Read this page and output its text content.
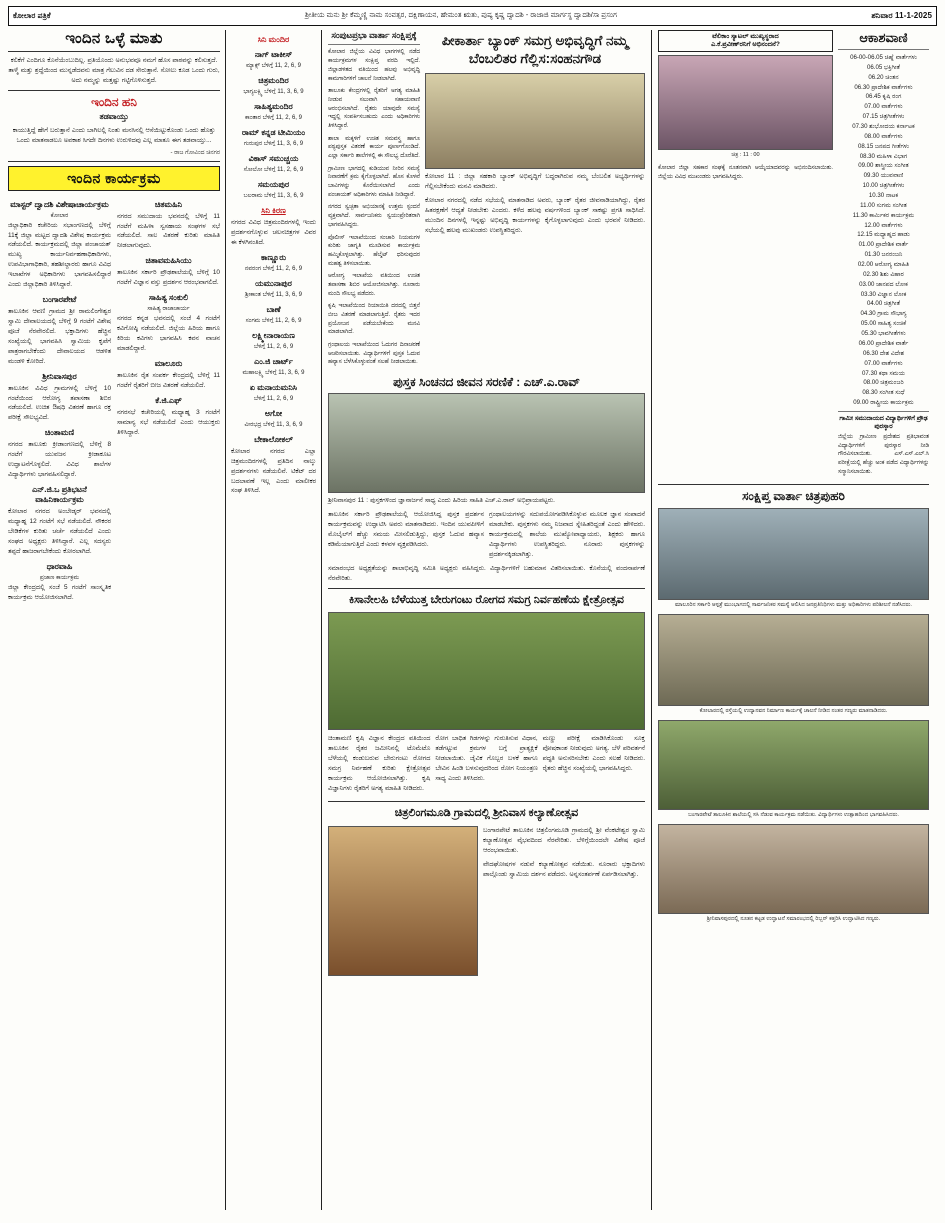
ಕೋಲಾರ ಪತ್ರಿಕೆ	ಶ್ರೀತೀಯ ಮನು ಶ್ರೀ ಕೆಮ್ಮಣ್ಣಿ ನಾಮ ಸಂವತ್ಸರ, ದಕ್ಷಿಣಾಯನ, ಹೇಮಂತ ಋತು, ಪುಷ್ಯ ಕೃಷ್ಣ ದ್ವಾದಶಿ - ರಾಜಾಜಿ ಮಾರ್ಗಸ್ಥ ದ್ವಾದಶಿ/ಸಾ ಪ್ರಸಂಗ	ಶನಿವಾರ 11-1-2025
ಇಂದಿನ ಒಳ್ಳೆ ಮಾತು

ಕಲಿಕೆಗೆ ಎಂದಿಗೂ ಕೊನೆಯೆಂಬುದಿಲ್ಲ. ಪ್ರತಿಯೊಂದು ಅನುಭವವೂ ನಮಗೆ ಹೊಸ ಪಾಠವನ್ನು ಕಲಿಸುತ್ತದೆ. ತಾಳ್ಮೆ ಮತ್ತು ಶ್ರದ್ಧೆಯಿಂದ ಮುನ್ನಡೆದವನು ಮಾತ್ರ ಗೆಲುವಿನ ದಡ ಸೇರುತ್ತಾನೆ. ಸೋಲು ಕೂಡ ಒಂದು ಗುರು, ಅದು ನಮ್ಮನ್ನು ಮತ್ತಷ್ಟು ಗಟ್ಟಿಗೊಳಿಸುತ್ತದೆ.

ಇಂದಿನ ಹನಿ
ತಡವಾಯ್ತು

ಕಾಯುತ್ತಿದ್ದೆ ಹೇಗೆ ಬರುತ್ತಾನೆ ಎಂದು ಬಾಗಿಲಲ್ಲಿ ನಿಂತು ಮನಸಿನಲ್ಲಿ ಆಸೆಯಿಟ್ಟುಕೊಂಡು ಒಂದು ಹೊತ್ತು ಒಂದು ಮಾತನಾಡಲೂ ಅವಕಾಶ ಸಿಗದೇ ದಿನಗಳು ಉರುಳಿದವು ಎಲ್ಲ ಮಾತೂ ಈಗ ತಡವಾಯ್ತು...

- ರಾಜ ಗೋವಿಂದ ಚಿನಗರ
ಇಂದಿನ ಕಾರ್ಯಕ್ರಮ
ಮಾಸ್ಟರ್ ದ್ವಾದಶಿ ವಿಶೇಷಾಚಾರ್ಯಕ್ರಮ
ಕೋಲಾರ

ಜಿಲ್ಲಾಧಿಕಾರಿ ಕಚೇರಿಯ ಸಭಾಂಗಣದಲ್ಲಿ ಬೆಳಿಗ್ಗೆ 11ಕ್ಕೆ ಜಿಲ್ಲಾ ಮಟ್ಟದ ದ್ವಾದಶಿ ವಿಶೇಷ ಕಾರ್ಯಕ್ರಮ ನಡೆಯಲಿದೆ. ಕಾರ್ಯಕ್ರಮದಲ್ಲಿ ಜಿಲ್ಲಾ ಪಂಚಾಯತ್ ಮುಖ್ಯ ಕಾರ್ಯನಿರ್ವಹಣಾಧಿಕಾರಿಗಳು, ಉಪವಿಭಾಗಾಧಿಕಾರಿ, ತಹಶೀಲ್ದಾರರು ಹಾಗೂ ವಿವಿಧ ಇಲಾಖೆಗಳ ಅಧಿಕಾರಿಗಳು ಭಾಗವಹಿಸಲಿದ್ದಾರೆ ಎಂದು ಜಿಲ್ಲಾಧಿಕಾರಿ ತಿಳಿಸಿದ್ದಾರೆ.

ಬಂಗಾರಪೇಟೆ

ತಾಲೂಕಿನ ಆವಣಿ ಗ್ರಾಮದ ಶ್ರೀ ರಾಮಲಿಂಗೇಶ್ವರ ಸ್ವಾಮಿ ದೇವಾಲಯದಲ್ಲಿ ಬೆಳಿಗ್ಗೆ 9 ಗಂಟೆಗೆ ವಿಶೇಷ ಪೂಜೆ ನೆರವೇರಲಿದೆ. ಭಕ್ತಾದಿಗಳು ಹೆಚ್ಚಿನ ಸಂಖ್ಯೆಯಲ್ಲಿ ಭಾಗವಹಿಸಿ ಸ್ವಾಮಿಯ ಕೃಪೆಗೆ ಪಾತ್ರರಾಗಬೇಕೆಂದು ದೇವಾಲಯದ ಆಡಳಿತ ಮಂಡಳಿ ಕೋರಿದೆ.

ಶ್ರೀನಿವಾಸಪುರ

ತಾಲೂಕಿನ ವಿವಿಧ ಗ್ರಾಮಗಳಲ್ಲಿ ಬೆಳಿಗ್ಗೆ 10 ಗಂಟೆಯಿಂದ ಆರೋಗ್ಯ ತಪಾಸಣಾ ಶಿಬಿರ ನಡೆಯಲಿದೆ. ಉಚಿತ ಔಷಧಿ ವಿತರಣೆ ಹಾಗೂ ರಕ್ತ ಪರೀಕ್ಷೆ ಸೌಲಭ್ಯವಿದೆ.

ಚಿಂತಾಮಣಿ

ನಗರದ ತಾಲೂಕು ಕ್ರೀಡಾಂಗಣದಲ್ಲಿ ಬೆಳಿಗ್ಗೆ 8 ಗಂಟೆಗೆ ಯುವಜನ ಕ್ರೀಡಾಕೂಟ ಉದ್ಘಾಟನೆಗೊಳ್ಳಲಿದೆ. ವಿವಿಧ ಶಾಲೆಗಳ ವಿದ್ಯಾರ್ಥಿಗಳು ಭಾಗವಹಿಸಲಿದ್ದಾರೆ.

ಎನ್.ಜಿ.ಒ ಪ್ರತಿಭಟನೆ ವಾಹಿನಿಕಾರ್ಯಕ್ರಮ

ಕೋಲಾರ ನಗರದ ಅಂಬೇಡ್ಕರ್ ಭವನದಲ್ಲಿ ಮಧ್ಯಾಹ್ನ 12 ಗಂಟೆಗೆ ಸಭೆ ನಡೆಯಲಿದೆ. ನೌಕರರ ಬೇಡಿಕೆಗಳ ಕುರಿತು ಚರ್ಚೆ ನಡೆಯಲಿದೆ ಎಂದು ಸಂಘದ ಅಧ್ಯಕ್ಷರು ತಿಳಿಸಿದ್ದಾರೆ. ಎಲ್ಲ ಸದಸ್ಯರು ತಪ್ಪದೆ ಹಾಜರಾಗಬೇಕೆಂದು ಕೋರಲಾಗಿದೆ.

ಧಾರವಾಹಿ
ಪ್ರಜಾಣ ಕಾರ್ಯಕ್ರಮ

ಜಿಲ್ಲಾ ಕೇಂದ್ರದಲ್ಲಿ ಸಂಜೆ 5 ಗಂಟೆಗೆ ಸಾಂಸ್ಕೃತಿಕ ಕಾರ್ಯಕ್ರಮ ಆಯೋಜಿಸಲಾಗಿದೆ.

ಚಿತಮಹಿನಿ

ನಗರದ ಸಮುದಾಯ ಭವನದಲ್ಲಿ ಬೆಳಿಗ್ಗೆ 11 ಗಂಟೆಗೆ ಮಹಿಳಾ ಸ್ವಸಹಾಯ ಸಂಘಗಳ ಸಭೆ ನಡೆಯಲಿದೆ. ಸಾಲ ವಿತರಣೆ ಕುರಿತು ಮಾಹಿತಿ ನೀಡಲಾಗುವುದು.

ಚಿತಾವಮಹಿಸಿಯು

ತಾಲೂಕಿನ ಸರ್ಕಾರಿ ಪ್ರೌಢಶಾಲೆಯಲ್ಲಿ ಬೆಳಿಗ್ಗೆ 10 ಗಂಟೆಗೆ ವಿಜ್ಞಾನ ವಸ್ತು ಪ್ರದರ್ಶನ ಆರಂಭವಾಗಲಿದೆ.

ಸಾಹಿತ್ಯ ಸಂಕುಲಿ
ಸಾಹಿತ್ಯ ರಾಜಾಚಾರ್ಯ

ನಗರದ ಕನ್ನಡ ಭವನದಲ್ಲಿ ಸಂಜೆ 4 ಗಂಟೆಗೆ ಕವಿಗೋಷ್ಠಿ ನಡೆಯಲಿದೆ. ಜಿಲ್ಲೆಯ ಹಿರಿಯ ಹಾಗೂ ಕಿರಿಯ ಕವಿಗಳು ಭಾಗವಹಿಸಿ ಕವನ ವಾಚನ ಮಾಡಲಿದ್ದಾರೆ.

ಮಾಲೂರು

ತಾಲೂಕಿನ ರೈತ ಸಂಪರ್ಕ ಕೇಂದ್ರದಲ್ಲಿ ಬೆಳಿಗ್ಗೆ 11 ಗಂಟೆಗೆ ರೈತರಿಗೆ ಬೀಜ ವಿತರಣೆ ನಡೆಯಲಿದೆ.

ಕೆ.ಜಿ.ಎಫ್

ನಗರಸಭೆ ಕಚೇರಿಯಲ್ಲಿ ಮಧ್ಯಾಹ್ನ 3 ಗಂಟೆಗೆ ಸಾಮಾನ್ಯ ಸಭೆ ನಡೆಯಲಿದೆ ಎಂದು ಆಯುಕ್ತರು ತಿಳಿಸಿದ್ದಾರೆ.

ಸಿನಿ ಮಂದಿರ
ನಾಗ್ ಟಾಕೀಸ್
ಮ್ಯಾಕ್ಸ್ ಬೆಳಿಗ್ಗೆ 11, 2, 6, 9
ಚಿತ್ರಮಂದಿರ
ಭಾಗ್ಯಲಕ್ಷ್ಮಿ ಬೆಳಿಗ್ಗೆ 11, 3, 6, 9
ಸಾಹಿತ್ಯಮಂದಿರ
ಕಾಂತಾರ ಬೆಳಿಗ್ಗೆ 11, 2, 6, 9
ರಾಮ್ ಕನ್ನಡ ಟೀಮಿಯಂ
ಗುರುಪುರ ಬೆಳಿಗ್ಗೆ 11, 3, 6, 9
ವಿಕಾಸ್ ಸಮುಚ್ಚಯ
ಸೋಲೋ ಬೆಳಿಗ್ಗೆ 11, 2, 6, 9
ಸಮಯಪುರ
ಬಲರಾಮ ಬೆಳಿಗ್ಗೆ 11, 3, 6, 9
ಸಿನಿ ಕಿರಣ

ನಗರದ ವಿವಿಧ ಚಿತ್ರಮಂದಿರಗಳಲ್ಲಿ ಇಂದು ಪ್ರದರ್ಶನಗೊಳ್ಳುವ ಚಲನಚಿತ್ರಗಳ ವಿವರ ಈ ಕೆಳಗಿನಂತಿದೆ.

ಕಾಣ್ಣೂರು
ನವರಂಗ ಬೆಳಿಗ್ಗೆ 11, 2, 6, 9
ಯಮುನಾಪುರ
ಶ್ರೀಕಾಂತ ಬೆಳಿಗ್ಗೆ 11, 3, 6, 9
ಬಾಣೆ
ಸಂಗಮ ಬೆಳಿಗ್ಗೆ 11, 2, 6, 9
ಲಕ್ಷ್ಮೀನಾರಾಯಣ
ಬೆಳಿಗ್ಗೆ 11, 2, 6, 9
ಎಂ.ಜಿ ಚಾರ್ಟ್
ಮಹಾಲಕ್ಷ್ಮಿ ಬೆಳಿಗ್ಗೆ 11, 3, 6, 9
ಏ ಮನಾಯಮನಿಸಿ
ಬೆಳಿಗ್ಗೆ 11, 2, 6, 9
ಅಗೋ
ವೀರಭದ್ರ ಬೆಳಿಗ್ಗೆ 11, 3, 6, 9
ಬೇಕಾಲೋಕಲ್

ಕೋಲಾರ ನಗರದ ಎಲ್ಲಾ ಚಿತ್ರಮಂದಿರಗಳಲ್ಲಿ ಪ್ರತಿದಿನ ನಾಲ್ಕು ಪ್ರದರ್ಶನಗಳು ನಡೆಯಲಿವೆ. ಟಿಕೆಟ್ ದರ ಬದಲಾವಣೆ ಇಲ್ಲ ಎಂದು ಮಾಲೀಕರ ಸಂಘ ತಿಳಿಸಿದೆ.

ಸಂಪುಟಪ್ರಭಾ ವಾರ್ತಾ ಸಂಕ್ಷಿಪ್ತಕ್ಕೆ

ಕೋಲಾರ ಜಿಲ್ಲೆಯ ವಿವಿಧ ಭಾಗಗಳಲ್ಲಿ ನಡೆದ ಕಾರ್ಯಕ್ರಮಗಳ ಸಂಕ್ಷಿಪ್ತ ವರದಿ ಇಲ್ಲಿದೆ. ಜಿಲ್ಲಾಡಳಿತದ ವತಿಯಿಂದ ಹಲವು ಅಭಿವೃದ್ಧಿ ಕಾಮಗಾರಿಗಳಿಗೆ ಚಾಲನೆ ನೀಡಲಾಗಿದೆ.

ತಾಲೂಕು ಕೇಂದ್ರಗಳಲ್ಲಿ ರೈತರಿಗೆ ಅಗತ್ಯ ಮಾಹಿತಿ ನೀಡುವ ಸಲುವಾಗಿ ಸಹಾಯವಾಣಿ ಆರಂಭಿಸಲಾಗಿದೆ. ರೈತರು ಯಾವುದೇ ಸಮಸ್ಯೆ ಇದ್ದಲ್ಲಿ ಸಂಪರ್ಕಿಸಬಹುದು ಎಂದು ಅಧಿಕಾರಿಗಳು ತಿಳಿಸಿದ್ದಾರೆ.

ಶಾಲಾ ಮಕ್ಕಳಿಗೆ ಉಚಿತ ಸಮವಸ್ತ್ರ ಹಾಗೂ ಪಠ್ಯಪುಸ್ತಕ ವಿತರಣೆ ಕಾರ್ಯ ಪೂರ್ಣಗೊಂಡಿದೆ. ಎಲ್ಲಾ ಸರ್ಕಾರಿ ಶಾಲೆಗಳಲ್ಲಿ ಈ ಸೌಲಭ್ಯ ದೊರೆತಿದೆ.

ಗ್ರಾಮೀಣ ಭಾಗದಲ್ಲಿ ಕುಡಿಯುವ ನೀರಿನ ಸಮಸ್ಯೆ ನಿವಾರಣೆಗೆ ಕ್ರಮ ಕೈಗೊಳ್ಳಲಾಗಿದೆ. ಹೊಸ ಕೊಳವೆ ಬಾವಿಗಳನ್ನು ಕೊರೆಯಿಸಲಾಗಿದೆ ಎಂದು ಪಂಚಾಯತ್ ಅಧಿಕಾರಿಗಳು ಮಾಹಿತಿ ನೀಡಿದ್ದಾರೆ.

ನಗರದ ಸ್ವಚ್ಛತಾ ಅಭಿಯಾನಕ್ಕೆ ಉತ್ತಮ ಸ್ಪಂದನೆ ವ್ಯಕ್ತವಾಗಿದೆ. ಸಾರ್ವಜನಿಕರು ಸ್ವಯಂಪ್ರೇರಿತರಾಗಿ ಭಾಗವಹಿಸಿದ್ದರು.

ಪೊಲೀಸ್ ಇಲಾಖೆಯಿಂದ ಸಂಚಾರಿ ನಿಯಮಗಳ ಕುರಿತು ಜಾಗೃತಿ ಮೂಡಿಸುವ ಕಾರ್ಯಕ್ರಮ ಹಮ್ಮಿಕೊಳ್ಳಲಾಗಿತ್ತು. ಹೆಲ್ಮೆಟ್ ಧರಿಸುವುದರ ಮಹತ್ವ ತಿಳಿಸಲಾಯಿತು.

ಆರೋಗ್ಯ ಇಲಾಖೆಯ ವತಿಯಿಂದ ಉಚಿತ ತಪಾಸಣಾ ಶಿಬಿರ ಆಯೋಜಿಸಲಾಗಿತ್ತು. ನೂರಾರು ಮಂದಿ ಸೌಲಭ್ಯ ಪಡೆದರು.

ಕೃಷಿ ಇಲಾಖೆಯಿಂದ ರಿಯಾಯಿತಿ ದರದಲ್ಲಿ ಬಿತ್ತನೆ ಬೀಜ ವಿತರಣೆ ಮಾಡಲಾಗುತ್ತಿದೆ. ರೈತರು ಇದರ ಪ್ರಯೋಜನ ಪಡೆಯಬೇಕೆಂದು ಮನವಿ ಮಾಡಲಾಗಿದೆ.

ಗ್ರಂಥಾಲಯ ಇಲಾಖೆಯಿಂದ ಓದುಗರ ದಿನಾಚರಣೆ ಆಚರಿಸಲಾಯಿತು. ವಿದ್ಯಾರ್ಥಿಗಳಿಗೆ ಪುಸ್ತಕ ಓದುವ ಹವ್ಯಾಸ ಬೆಳೆಸಿಕೊಳ್ಳುವಂತೆ ಸಲಹೆ ನೀಡಲಾಯಿತು.

ಪೀಕಾರ್ತಾ ಬ್ಯಾಂಕ್ ಸಮಗ್ರ ಅಭಿವೃದ್ಧಿಗೆ ನಮ್ಮ ಬೆಂಬಲಿತರ ಗೆಲ್ಲಿಸ:ಸಂಹನಗೌಡ

ಕೋಲಾರ 11 : ಜಿಲ್ಲಾ ಸಹಕಾರಿ ಬ್ಯಾಂಕ್ ಅಭಿವೃದ್ಧಿಗೆ ಬದ್ಧರಾಗಿರುವ ನಮ್ಮ ಬೆಂಬಲಿತ ಅಭ್ಯರ್ಥಿಗಳನ್ನು ಗೆಲ್ಲಿಸಬೇಕೆಂದು ಮನವಿ ಮಾಡಿದರು.

ಕೋಲಾರ ನಗರದಲ್ಲಿ ನಡೆದ ಸಭೆಯಲ್ಲಿ ಮಾತನಾಡಿದ ಅವರು, ಬ್ಯಾಂಕ್ ರೈತರ ಜೀವನಾಡಿಯಾಗಿದ್ದು, ರೈತರ ಹಿತರಕ್ಷಣೆಗೆ ಆದ್ಯತೆ ನೀಡಬೇಕು ಎಂದರು. ಕಳೆದ ಹಲವು ವರ್ಷಗಳಿಂದ ಬ್ಯಾಂಕ್ ಸಾಕಷ್ಟು ಪ್ರಗತಿ ಸಾಧಿಸಿದೆ. ಮುಂದಿನ ದಿನಗಳಲ್ಲಿ ಇನ್ನಷ್ಟು ಅಭಿವೃದ್ಧಿ ಕಾರ್ಯಗಳನ್ನು ಕೈಗೊಳ್ಳಲಾಗುವುದು ಎಂದು ಭರವಸೆ ನೀಡಿದರು. ಸಭೆಯಲ್ಲಿ ಹಲವು ಮುಖಂಡರು ಉಪಸ್ಥಿತರಿದ್ದರು.

ಪುಸ್ತಕ ಸಿಂಚನದ ಜೀವನ ಸರಣಿಕೆ : ಎಚ್.ಎ.ರಾವ್

ಶ್ರೀನಿವಾಸಪುರ 11 : ಪುಸ್ತಕಗಳಿಂದ ಜ್ಞಾನಾರ್ಜನೆ ಸಾಧ್ಯ ಎಂದು ಹಿರಿಯ ಸಾಹಿತಿ ಎಚ್.ಎ.ರಾವ್ ಅಭಿಪ್ರಾಯಪಟ್ಟರು.

ತಾಲೂಕಿನ ಸರ್ಕಾರಿ ಪ್ರೌಢಶಾಲೆಯಲ್ಲಿ ಆಯೋಜಿಸಿದ್ದ ಪುಸ್ತಕ ಪ್ರದರ್ಶನ ಕಾರ್ಯಕ್ರಮವನ್ನು ಉದ್ಘಾಟಿಸಿ ಅವರು ಮಾತನಾಡಿದರು. ಇಂದಿನ ಯುವಪೀಳಿಗೆ ಮೊಬೈಲ್‌ಗೆ ಹೆಚ್ಚು ಸಮಯ ಮೀಸಲಿಡುತ್ತಿದ್ದು, ಪುಸ್ತಕ ಓದುವ ಹವ್ಯಾಸ ಕಡಿಮೆಯಾಗುತ್ತಿದೆ ಎಂದು ಕಳವಳ ವ್ಯಕ್ತಪಡಿಸಿದರು.

ಗ್ರಂಥಾಲಯಗಳನ್ನು ಸದುಪಯೋಗಪಡಿಸಿಕೊಳ್ಳುವ ಮೂಲಕ ಜ್ಞಾನ ಸಂಪಾದನೆ ಮಾಡಬೇಕು. ಪುಸ್ತಕಗಳು ನಮ್ಮ ನಿಜವಾದ ಸ್ನೇಹಿತರಿದ್ದಂತೆ ಎಂದು ಹೇಳಿದರು. ಕಾರ್ಯಕ್ರಮದಲ್ಲಿ ಶಾಲೆಯ ಮುಖ್ಯೋಪಾಧ್ಯಾಯರು, ಶಿಕ್ಷಕರು ಹಾಗೂ ವಿದ್ಯಾರ್ಥಿಗಳು ಉಪಸ್ಥಿತರಿದ್ದರು. ನೂರಾರು ಪುಸ್ತಕಗಳನ್ನು ಪ್ರದರ್ಶನಕ್ಕಿಡಲಾಗಿತ್ತು.

ಸಮಾರಂಭದ ಅಧ್ಯಕ್ಷತೆಯನ್ನು ಶಾಲಾಭಿವೃದ್ಧಿ ಸಮಿತಿ ಅಧ್ಯಕ್ಷರು ವಹಿಸಿದ್ದರು. ವಿದ್ಯಾರ್ಥಿಗಳಿಗೆ ಬಹುಮಾನ ವಿತರಿಸಲಾಯಿತು. ಕೊನೆಯಲ್ಲಿ ವಂದನಾರ್ಪಣೆ ನೆರವೇರಿತು.

ಕಿಸಾನೇಲಹಿ ಬೆಳೆಯುತ್ತ ಬೇರುಗಂಟು ರೋಗದ ಸಮಗ್ರ ನಿರ್ವಹಣೆಯ ಕ್ಷೇತ್ರೋತ್ಸವ

ಚಿಂತಾಮಣಿ ಕೃಷಿ ವಿಜ್ಞಾನ ಕೇಂದ್ರದ ವತಿಯಿಂದ ತಾಲೂಕಿನ ರೈತರ ಜಮೀನಿನಲ್ಲಿ ಟೊಮೆಟೊ ಬೆಳೆಯಲ್ಲಿ ಕಂಡುಬರುವ ಬೇರುಗಂಟು ರೋಗದ ಸಮಗ್ರ ನಿರ್ವಹಣೆ ಕುರಿತು ಕ್ಷೇತ್ರೋತ್ಸವ ಕಾರ್ಯಕ್ರಮ ಆಯೋಜಿಸಲಾಗಿತ್ತು. ಕೃಷಿ ವಿಜ್ಞಾನಿಗಳು ರೈತರಿಗೆ ಅಗತ್ಯ ಮಾಹಿತಿ ನೀಡಿದರು.

ರೋಗ ಬಾಧಿತ ಗಿಡಗಳನ್ನು ಗುರುತಿಸುವ ವಿಧಾನ, ತಡೆಗಟ್ಟುವ ಕ್ರಮಗಳ ಬಗ್ಗೆ ಪ್ರಾತ್ಯಕ್ಷಿಕೆ ನೀಡಲಾಯಿತು. ಜೈವಿಕ ಗೊಬ್ಬರ ಬಳಕೆ ಹಾಗೂ ಬೇವಿನ ಹಿಂಡಿ ಬಳಸುವುದರಿಂದ ರೋಗ ನಿಯಂತ್ರಣ ಸಾಧ್ಯ ಎಂದು ತಿಳಿಸಿದರು.

ಮಣ್ಣು ಪರೀಕ್ಷೆ ಮಾಡಿಸಿಕೊಂಡು ಸೂಕ್ತ ಪೋಷಕಾಂಶ ನೀಡುವುದು ಅಗತ್ಯ. ಬೆಳೆ ಪರಿವರ್ತನೆ ಪದ್ಧತಿ ಅನುಸರಿಸಬೇಕು ಎಂದು ಸಲಹೆ ನೀಡಿದರು. ರೈತರು ಹೆಚ್ಚಿನ ಸಂಖ್ಯೆಯಲ್ಲಿ ಭಾಗವಹಿಸಿದ್ದರು.

ಚಿತ್ರಲಿಂಗಮೂಡಿ ಗ್ರಾಮದಲ್ಲಿ ಶ್ರೀನಿವಾಸ ಕಲ್ಯಾಣೋತ್ಸವ

ಬಂಗಾರಪೇಟೆ ತಾಲೂಕಿನ ಚಿತ್ರಲಿಂಗಮೂಡಿ ಗ್ರಾಮದಲ್ಲಿ ಶ್ರೀ ವೆಂಕಟೇಶ್ವರ ಸ್ವಾಮಿ ಕಲ್ಯಾಣೋತ್ಸವ ವೈಭವದಿಂದ ನೆರವೇರಿತು. ಬೆಳಿಗ್ಗೆಯಿಂದಲೇ ವಿಶೇಷ ಪೂಜೆ ಆರಂಭವಾಯಿತು.

ವೇದಘೋಷಗಳ ನಡುವೆ ಕಲ್ಯಾಣೋತ್ಸವ ನಡೆಯಿತು. ನೂರಾರು ಭಕ್ತಾದಿಗಳು ಪಾಲ್ಗೊಂಡು ಸ್ವಾಮಿಯ ದರ್ಶನ ಪಡೆದರು. ಅನ್ನಸಂತರ್ಪಣೆ ಏರ್ಪಡಿಸಲಾಗಿತ್ತು.

ಟೆಲಿಕಾಂ ಸ್ಯಾಟಲ್ ಮುಖ್ಯಸ್ಥರಾದ
ಎ.ಕೆ.ಪ್ರವೀಣ್‌ರನಿಗೆ ಅಭಿನಂದನೆ?
ಚಿತ್ರ : 11 : 00

ಕೋಲಾರ ಜಿಲ್ಲಾ ಸಹಕಾರ ಸಂಘಕ್ಕೆ ನೂತನವಾಗಿ ಆಯ್ಕೆಯಾದವರನ್ನು ಅಭಿನಂದಿಸಲಾಯಿತು. ಜಿಲ್ಲೆಯ ವಿವಿಧ ಮುಖಂಡರು ಭಾಗವಹಿಸಿದ್ದರು.

ಆಕಾಶವಾಣಿ
06-00-06.05 ಚಿಹ್ನೆ ವಾರ್ತೆಗಳು
06.05 ಭಕ್ತಿಗೀತೆ
06.20 ಚಿಂತನ
06.30 ಪ್ರಾದೇಶಿಕ ವಾರ್ತೆಗಳು
06.45 ಕೃಷಿ ರಂಗ
07.00 ವಾರ್ತೆಗಳು
07.15 ಚಿತ್ರಗೀತೆಗಳು
07.30 ಶುಭೋದಯ ಕರ್ನಾಟಕ
08.00 ವಾರ್ತೆಗಳು
08.15 ಜನಪದ ಗೀತೆಗಳು
08.30 ಮಹಿಳಾ ವಿಭಾಗ
09.00 ಶಾಸ್ತ್ರೀಯ ಸಂಗೀತ
09.30 ಯುವವಾಣಿ
10.00 ಚಿತ್ರಗೀತೆಗಳು
10.30 ನಾಟಕ
11.00 ಸುಗಮ ಸಂಗೀತ
11.30 ಕಾರ್ಮಿಕರ ಕಾರ್ಯಕ್ರಮ
12.00 ವಾರ್ತೆಗಳು
12.15 ಮಧ್ಯಾಹ್ನದ ಹಾಡು
01.00 ಪ್ರಾದೇಶಿಕ ವಾರ್ತೆ
01.30 ಜನರಂಜನಿ
02.00 ಆರೋಗ್ಯ ಮಾಹಿತಿ
02.30 ಶಿಶು ವಿಹಾರ
03.00 ಜಾನಪದ ಲೋಕ
03.30 ವಿಜ್ಞಾನ ಲೋಕ
04.00 ಚಿತ್ರಗೀತೆ
04.30 ಗ್ರಾಮ ಸೌಭಾಗ್ಯ
05.00 ಸಾಹಿತ್ಯ ಸಂಚಿಕೆ
05.30 ಭಾವಗೀತೆಗಳು
06.00 ಪ್ರಾದೇಶಿಕ ವಾರ್ತೆ
06.30 ದೇಶ ವಿದೇಶ
07.00 ವಾರ್ತೆಗಳು
07.30 ಕಥಾ ಸಮಯ
08.00 ಚಿತ್ರಮಂಜರಿ
08.30 ಸಂಗೀತ ಸುಧೆ
09.00 ರಾಷ್ಟ್ರೀಯ ಕಾರ್ಯಕ್ರಮ
ಗಾಮೀ ಸಮುದಾಯದ ವಿದ್ಯಾರ್ಥಿಗಳಿಗೆ ಪ್ರೌಢ ಪುರಸ್ಕಾರ

ಜಿಲ್ಲೆಯ ಗ್ರಾಮೀಣ ಪ್ರದೇಶದ ಪ್ರತಿಭಾವಂತ ವಿದ್ಯಾರ್ಥಿಗಳಿಗೆ ಪುರಸ್ಕಾರ ನೀಡಿ ಗೌರವಿಸಲಾಯಿತು. ಎಸ್.ಎಸ್.ಎಲ್.ಸಿ ಪರೀಕ್ಷೆಯಲ್ಲಿ ಹೆಚ್ಚು ಅಂಕ ಪಡೆದ ವಿದ್ಯಾರ್ಥಿಗಳನ್ನು ಸನ್ಮಾನಿಸಲಾಯಿತು.

ಸಂಕ್ಷಿಪ್ತ ವಾರ್ತಾ ಚಿತ್ರಪುಹರಿ
ಮಾಲೂರಿನ ಸರ್ಕಾರಿ ಆಸ್ಪತ್ರೆ ಮುಂಭಾಗದಲ್ಲಿ ಸಾರ್ವಜನಿಕರ ಸಮಸ್ಯೆ ಆಲಿಸಿದ ಜನಪ್ರತಿನಿಧಿಗಳು ಮತ್ತು ಅಧಿಕಾರಿಗಳು ಪರಿಶೀಲನೆ ನಡೆಸಿದರು.
ಕೋಲಾರದಲ್ಲಿ ರಸ್ತೆಯಲ್ಲಿ ಉದ್ಯಾನವನ ನಿರ್ಮಾಣ ಕಾರ್ಯಕ್ಕೆ ಚಾಲನೆ ನೀಡಿದ ನಂತರ ಗಣ್ಯರು ಮಾತನಾಡಿದರು.
ಬಂಗಾರಪೇಟೆ ತಾಲೂಕಿನ ಶಾಲೆಯಲ್ಲಿ ಸಸಿ ನೆಡುವ ಕಾರ್ಯಕ್ರಮ ನಡೆಯಿತು. ವಿದ್ಯಾರ್ಥಿಗಳು ಉತ್ಸಾಹದಿಂದ ಭಾಗವಹಿಸಿದರು.
ಶ್ರೀನಿವಾಸಪುರದಲ್ಲಿ ನೂತನ ಕಟ್ಟಡ ಉದ್ಘಾಟನೆ ಸಮಾರಂಭದಲ್ಲಿ ರಿಬ್ಬನ್ ಕತ್ತರಿಸಿ ಉದ್ಘಾಟಿಸಿದ ಗಣ್ಯರು.
